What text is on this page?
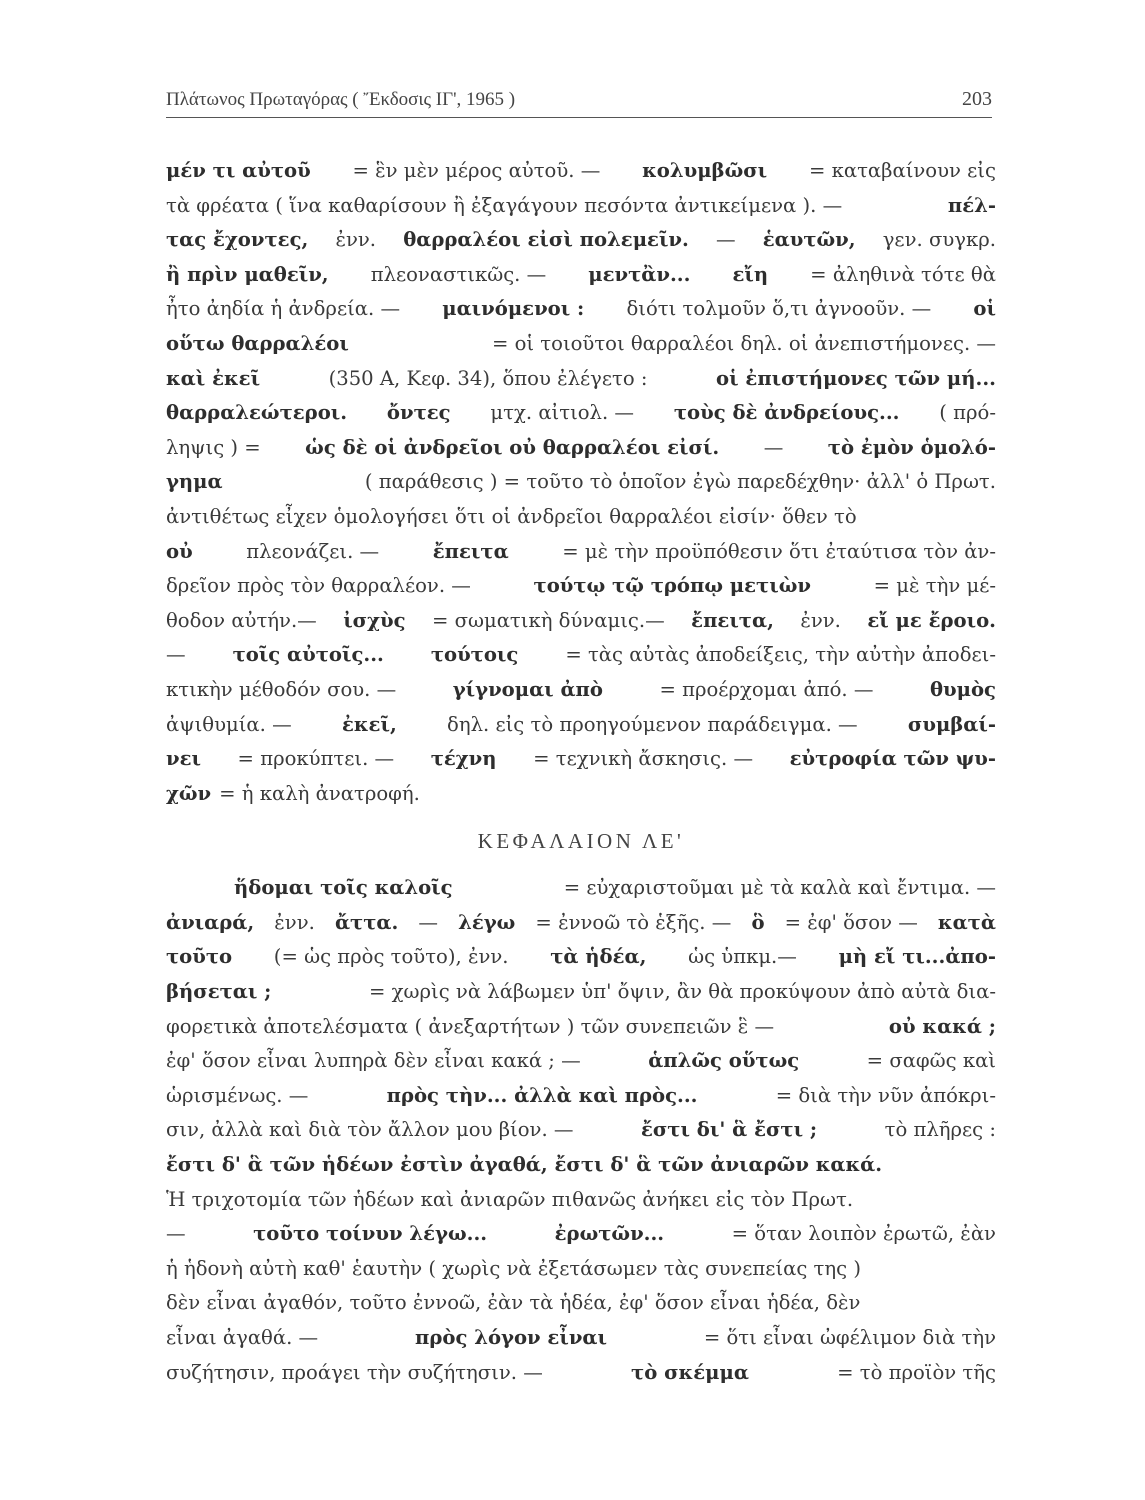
Πλάτωνος Πρωταγόρας ( Ἔκδοσις ΙΓ', 1965 )	203
μέν τι αὐτοῦ = ἓν μὲν μέρος αὐτοῦ. — κολυμβῶσι = καταβαίνουν εἰς
τὰ φρέατα ( ἵνα καθαρίσουν ἢ ἐξαγάγουν πεσόντα ἀντικείμενα ). —	πέλ-
τας ἔχοντες, ἐνν. θαρραλέοι εἰσὶ πολεμεῖν. — ἑαυτῶν, γεν. συγκρ.
ἢ πρὶν μαθεῖν, πλεοναστικῶς. — μεντἂν... εἴη = ἀληθινὰ τότε θὰ
ἦτο ἀηδία ἡ ἀνδρεία. — μαινόμενοι : διότι τολμοῦν ὅ,τι ἀγνοοῦν. — οἱ
οὕτω θαρραλέοι	= οἱ τοιοῦτοι θαρραλέοι δηλ. οἱ ἀνεπιστήμονες. —
καὶ ἐκεῖ	(350 A, Κεφ. 34), ὅπου ἐλέγετο :	οἱ ἐπιστήμονες τῶν μή...
θαρραλεώτεροι. ὄντες μτχ. αἰτιολ. — τοὺς δὲ ἀνδρείους... ( πρό-
ληψις ) = ὡς δὲ οἱ ἀνδρεῖοι οὐ θαρραλέοι εἰσί. — τὸ ἐμὸν ὁμολό-
γημα	( παράθεσις ) = τοῦτο τὸ ὁποῖον ἐγὼ παρεδέχθην· ἀλλ' ὁ Πρωτ.
ἀντιθέτως εἶχεν ὁμολογήσει ὅτι οἱ ἀνδρεῖοι θαρραλέοι εἰσίν· ὅθεν τὸ
οὐ	πλεονάζει. —	ἔπειτα	= μὲ τὴν προϋπόθεσιν ὅτι ἐταύτισα τὸν ἀν-
δρεῖον πρὸς τὸν θαρραλέον. —	τούτῳ τῷ τρόπῳ μετιὼν	= μὲ τὴν μέ-
θοδον αὐτήν.— ἰσχὺς = σωματικὴ δύναμις.— ἔπειτα, ἐνν. εἴ με ἔροιο.
— τοῖς αὐτοῖς... τούτοις = τὰς αὐτὰς ἀποδείξεις, τὴν αὐτὴν ἀποδει-
κτικὴν μέθοδόν σου. —	γίγνομαι ἀπὸ	= προέρχομαι ἀπό. —	θυμὸς
ἀψιθυμία. —	ἐκεῖ,	δηλ. εἰς τὸ προηγούμενον παράδειγμα. —	συμβαί-
νει = προκύπτει. — τέχνη = τεχνικὴ ἄσκησις. — εὐτροφία τῶν ψυ-
χῶν = ἡ καλὴ ἀνατροφή.
ΚΕΦΑΛΑΙΟΝ ΛΕ'
ἥδομαι τοῖς καλοῖς	= εὐχαριστοῦμαι μὲ τὰ καλὰ καὶ ἔντιμα. —
ἀνιαρά, ἐνν. ἄττα. — λέγω = ἐννοῶ τὸ ἑξῆς. — ὃ = ἐφ' ὅσον — κατὰ
τοῦτο (= ὡς πρὸς τοῦτο), ἐνν. τὰ ἡδέα, ὡς ὑπκμ.— μὴ εἴ τι...ἀπο-
βήσεται ;	= χωρὶς νὰ λάβωμεν ὑπ' ὄψιν, ἂν θὰ προκύψουν ἀπὸ αὐτὰ δια-
φορετικὰ ἀποτελέσματα ( ἀνεξαρτήτων ) τῶν συνεπειῶν ἓ —	οὐ κακά ;
ἐφ' ὅσον εἶναι λυπηρὰ δὲν εἶναι κακά ; —	ἁπλῶς οὕτως	= σαφῶς καὶ
ὡρισμένως. —	πρὸς τὴν... ἀλλὰ καὶ πρὸς...	= διὰ τὴν νῦν ἀπόκρι-
σιν, ἀλλὰ καὶ διὰ τὸν ἄλλον μου βίον. —	ἔστι δι' ἃ ἔστι ;	τὸ πλῆρες :
ἔστι δ' ἃ τῶν ἡδέων ἐστὶν ἀγαθά, ἔστι δ' ἃ τῶν ἀνιαρῶν κακά.
Ἡ τριχοτομία τῶν ἡδέων καὶ ἀνιαρῶν πιθανῶς ἀνήκει εἰς τὸν Πρωτ.
—	τοῦτο τοίνυν λέγω...	ἐρωτῶν...	= ὅταν λοιπὸν ἐρωτῶ, ἐὰν
ἡ ἡδονὴ αὐτὴ καθ' ἑαυτὴν ( χωρὶς νὰ ἐξετάσωμεν τὰς συνεπείας της )
δὲν εἶναι ἀγαθόν, τοῦτο ἐννοῶ, ἐὰν τὰ ἡδέα, ἐφ' ὅσον εἶναι ἡδέα, δὲν
εἶναι ἀγαθά. —	πρὸς λόγον εἶναι	= ὅτι εἶναι ὠφέλιμον διὰ τὴν
συζήτησιν, προάγει τὴν συζήτησιν. —	τὸ σκέμμα	= τὸ προϊὸν τῆς
